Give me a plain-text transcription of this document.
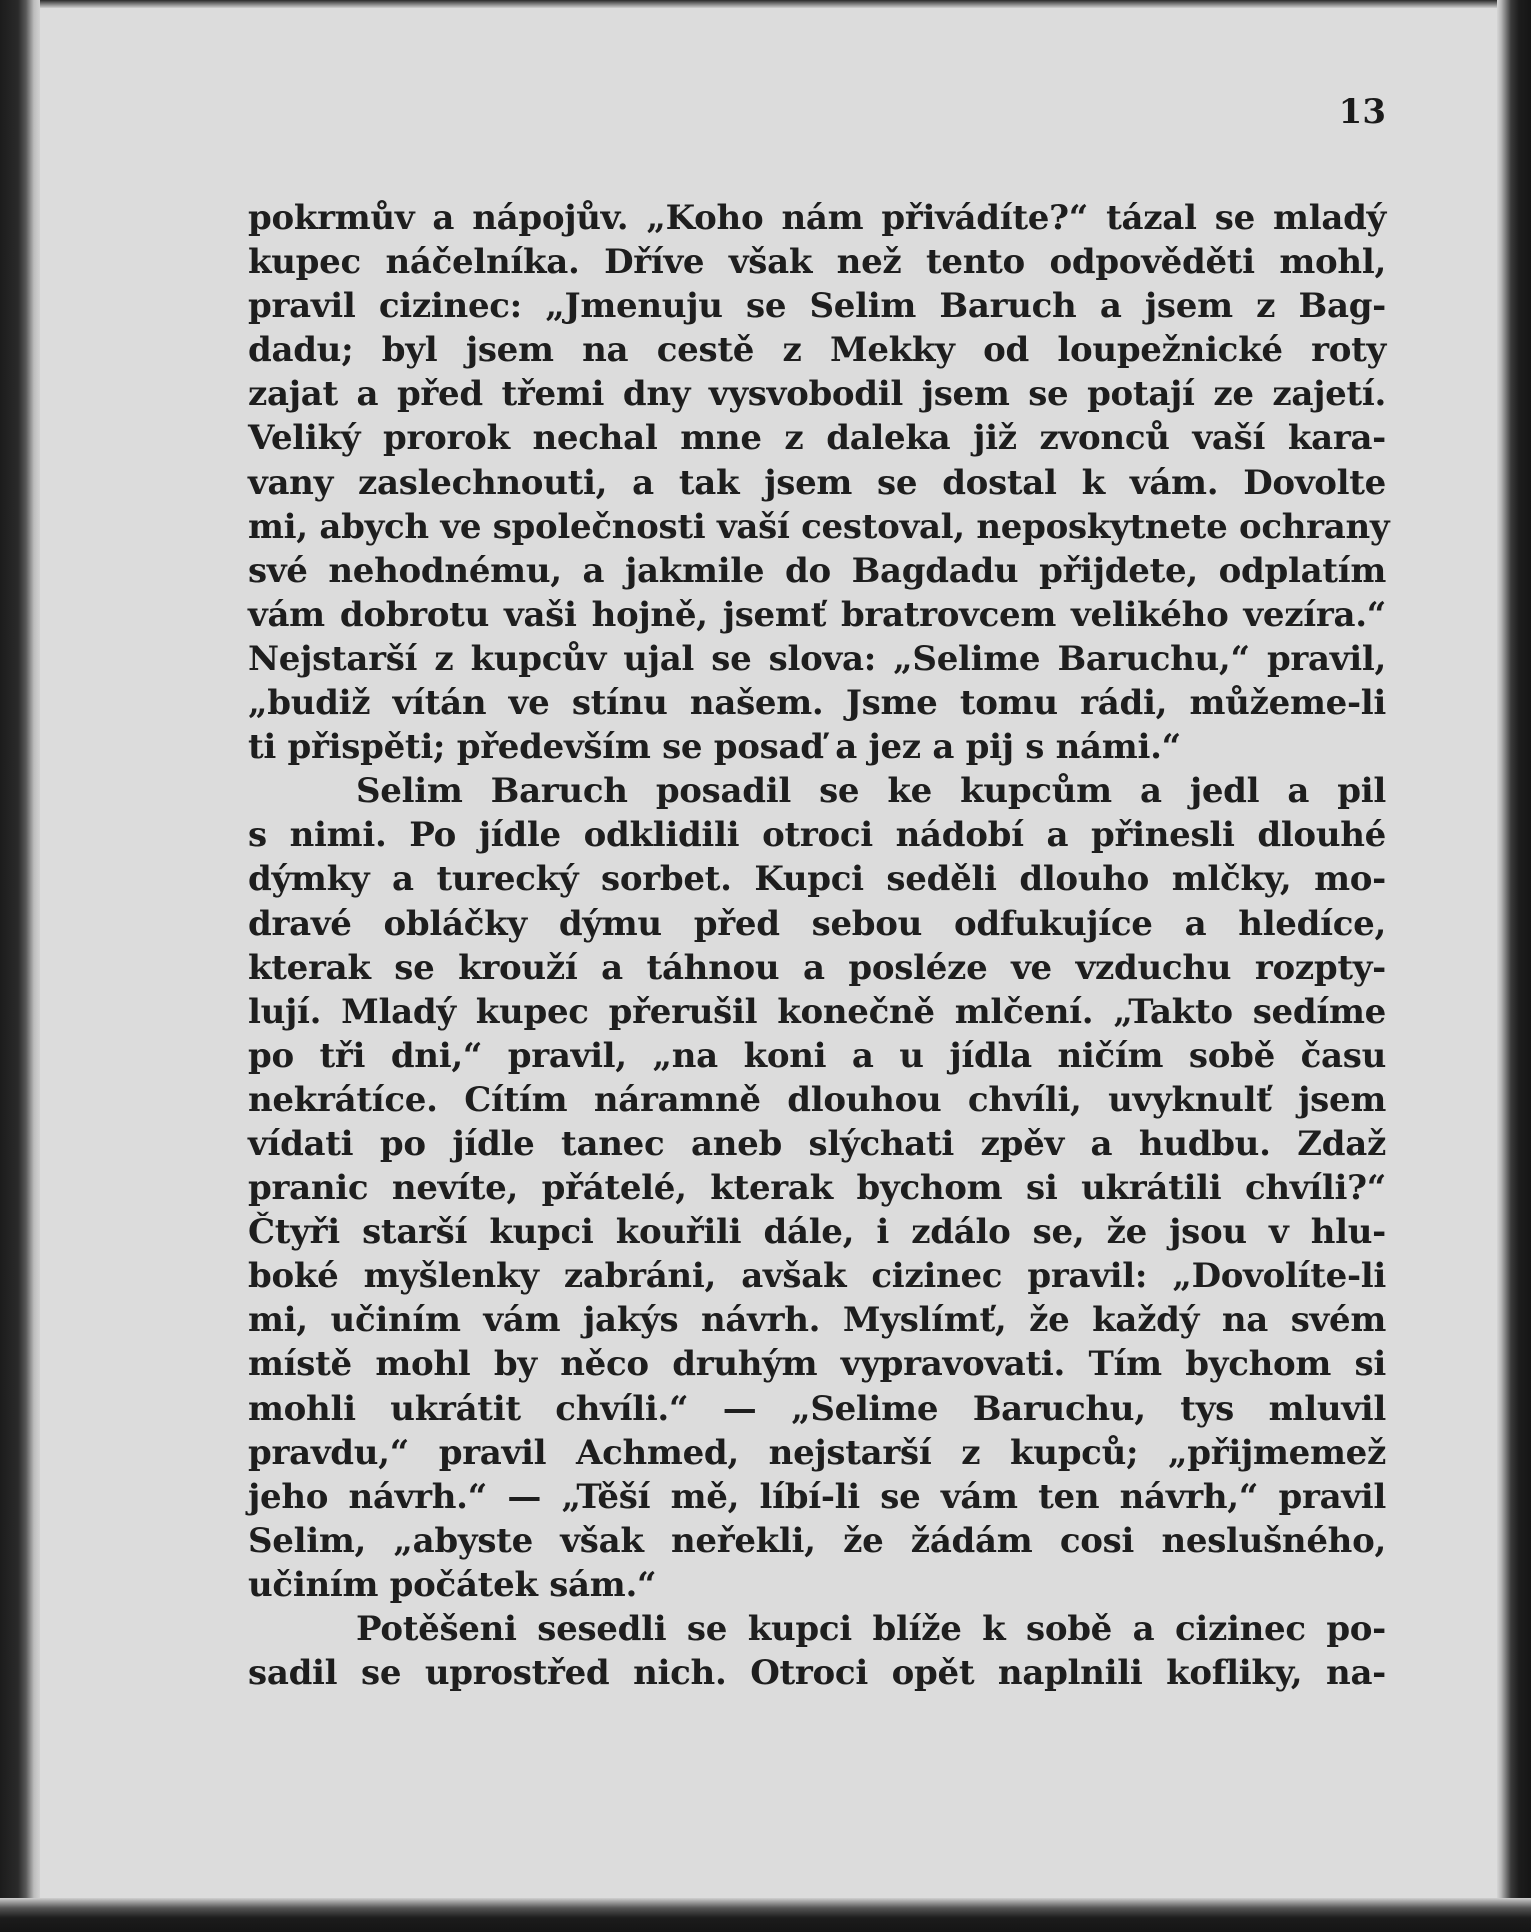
13
pokrmův a nápojův. „Koho nám přivádíte?“ tázal se mladý
kupec náčelníka. Dříve však než tento odpověděti mohl,
pravil cizinec: „Jmenuju se Selim Baruch a jsem z Bag-
dadu; byl jsem na cestě z Mekky od loupežnické roty
zajat a před třemi dny vysvobodil jsem se potají ze zajetí.
Veliký prorok nechal mne z daleka již zvonců vaší kara-
vany zaslechnouti, a tak jsem se dostal k vám. Dovolte
mi, abych ve společnosti vaší cestoval, neposkytnete ochrany
své nehodnému, a jakmile do Bagdadu přijdete, odplatím
vám dobrotu vaši hojně, jsemť bratrovcem velikého vezíra.“
Nejstarší z kupcův ujal se slova: „Selime Baruchu,“ pravil,
„budiž vítán ve stínu našem. Jsme tomu rádi, můžeme-li
ti přispěti; především se posaď a jez a pij s námi.“
Selim Baruch posadil se ke kupcům a jedl a pil
s nimi. Po jídle odklidili otroci nádobí a přinesli dlouhé
dýmky a turecký sorbet. Kupci seděli dlouho mlčky, mo-
dravé obláčky dýmu před sebou odfukujíce a hledíce,
kterak se krouží a táhnou a posléze ve vzduchu rozpty-
lují. Mladý kupec přerušil konečně mlčení. „Takto sedíme
po tři dni,“ pravil, „na koni a u jídla ničím sobě času
nekrátíce. Cítím náramně dlouhou chvíli, uvyknulť jsem
vídati po jídle tanec aneb slýchati zpěv a hudbu. Zdaž
pranic nevíte, přátelé, kterak bychom si ukrátili chvíli?“
Čtyři starší kupci kouřili dále, i zdálo se, že jsou v hlu-
boké myšlenky zabráni, avšak cizinec pravil: „Dovolíte-li
mi, učiním vám jakýs návrh. Myslímť, že každý na svém
místě mohl by něco druhým vypravovati. Tím bychom si
mohli ukrátit chvíli.“ — „Selime Baruchu, tys mluvil
pravdu,“ pravil Achmed, nejstarší z kupců; „přijmemež
jeho návrh.“ — „Těší mě, líbí-li se vám ten návrh,“ pravil
Selim, „abyste však neřekli, že žádám cosi neslušného,
učiním počátek sám.“
Potěšeni sesedli se kupci blíže k sobě a cizinec po-
sadil se uprostřed nich. Otroci opět naplnili kofliky, na-
